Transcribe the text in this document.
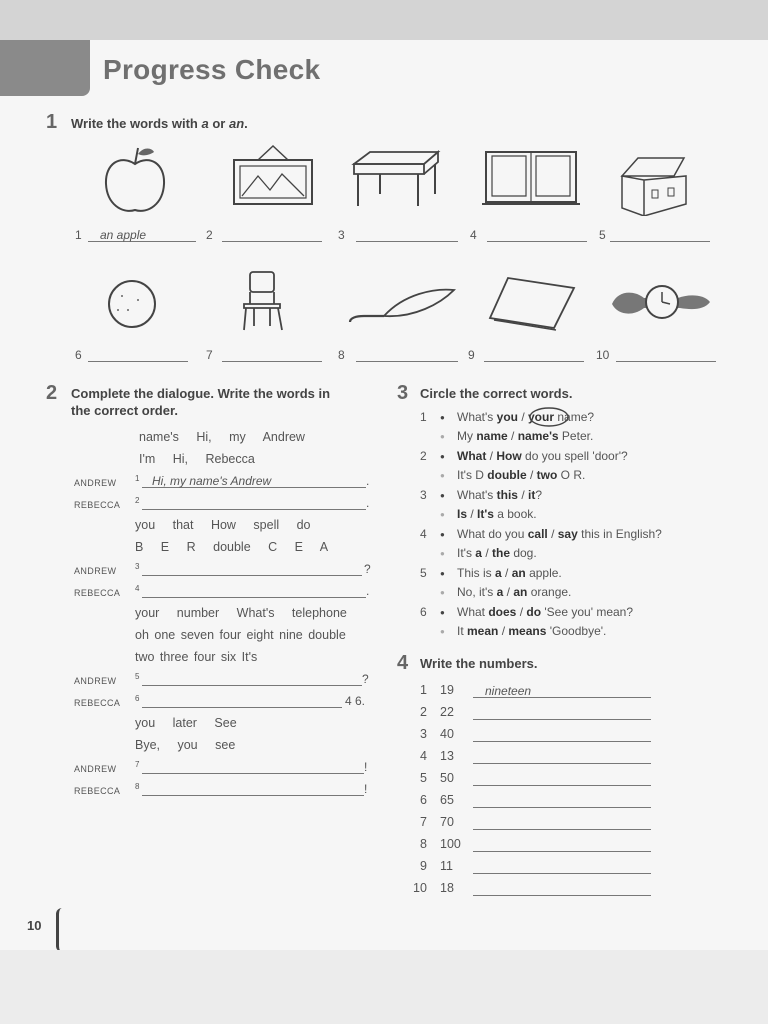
Progress Check
1 Write the words with a or an.
1	an apple	2	3	4	5
6	7	8	9	10
2 Complete the dialogue. Write the words in
the correct order.
name's Hi, my Andrew
I'm Hi, Rebecca
ANDREW 1	Hi, my name's Andrew	.
REBECCA 2	.
you that How spell do
B E R double C E A
ANDREW 3	?
REBECCA 4	.
your number What's telephone
oh one seven four eight nine double
two three four six It's
ANDREW 5	?
REBECCA 6	4 6.
you later See
Bye, you see
ANDREW 7	!
REBECCA 8	!
3 Circle the correct words.
4 Write the numbers.
10
1 ● What's you / your name?
● My name / name's Peter.
2 ● What / How do you spell 'door'?
● It's D double / two O R.
3 ● What's this / it?
● Is / It's a book.
4 ● What do you call / say this in English?
● It's a / the dog.
5 ● This is a / an apple.
● No, it's a / an orange.
6 ● What does / do 'See you' mean?
● It mean / means 'Goodbye'.
1 19	nineteen
2 22
3 40
4 13
5 50
6 65
7 70
8 100
9 11
10 18
